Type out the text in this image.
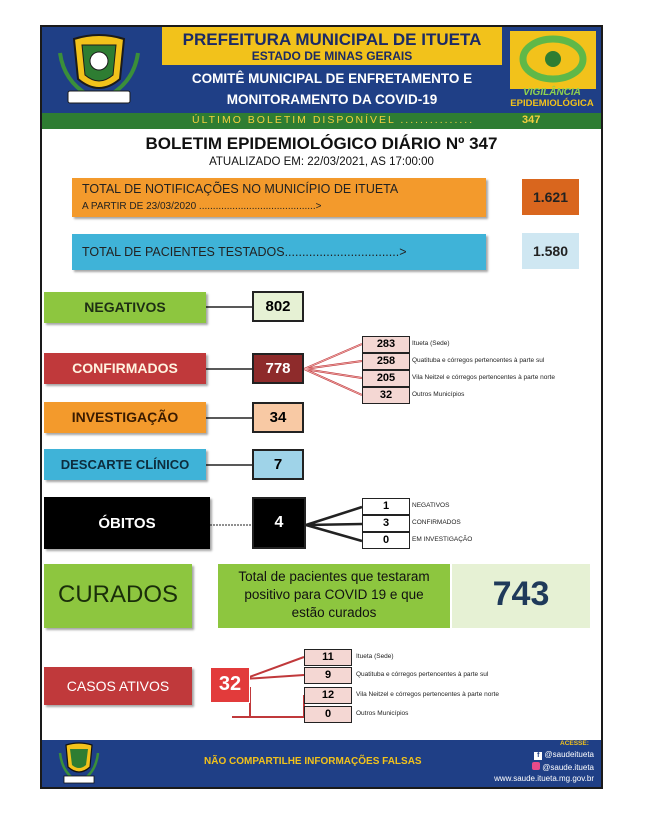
PREFEITURA MUNICIPAL DE ITUETA
ESTADO DE MINAS GERAIS
COMITÊ MUNICIPAL DE ENFRETAMENTO E
MONITORAMENTO DA COVID-19	VIGILÂNCIA
EPIDEMIOLÓGICA
ÚLTIMO BOLETIM DISPONÍVEL ...............	347
BOLETIM EPIDEMIOLÓGICO DIÁRIO Nº 347
ATUALIZADO EM: 22/03/2021, AS 17:00:00
TOTAL DE NOTIFICAÇÕES NO MUNICÍPIO DE ITUETA
A PARTIR DE 23/03/2020 ..........................................>
1.621
TOTAL DE PACIENTES TESTADOS.................................>	1.580
NEGATIVOS	802
CONFIRMADOS	778
283	Itueta (Sede)
258	Quatituba e córregos pertencentes à parte sul
205	Vila Neitzel e córregos pertencentes à parte norte
32	Outros Municípios
INVESTIGAÇÃO	34
DESCARTE CLÍNICO	7
ÓBITOS	4
1	NEGATIVOS
3	CONFIRMADOS
0	EM INVESTIGAÇÃO
CURADOS
Total de pacientes que testaram positivo para COVID 19 e que estão curados	743
CASOS ATIVOS	32
11	Itueta (Sede)
9	Quatituba e córregos pertencentes à parte sul
12	Vila Neitzel e córregos pertencentes à parte norte
0	Outros Municípios
NÃO COMPARTILHE INFORMAÇÕES FALSAS
ACESSE:
f @saudeitueta
@saude.itueta
www.saude.itueta.mg.gov.br
